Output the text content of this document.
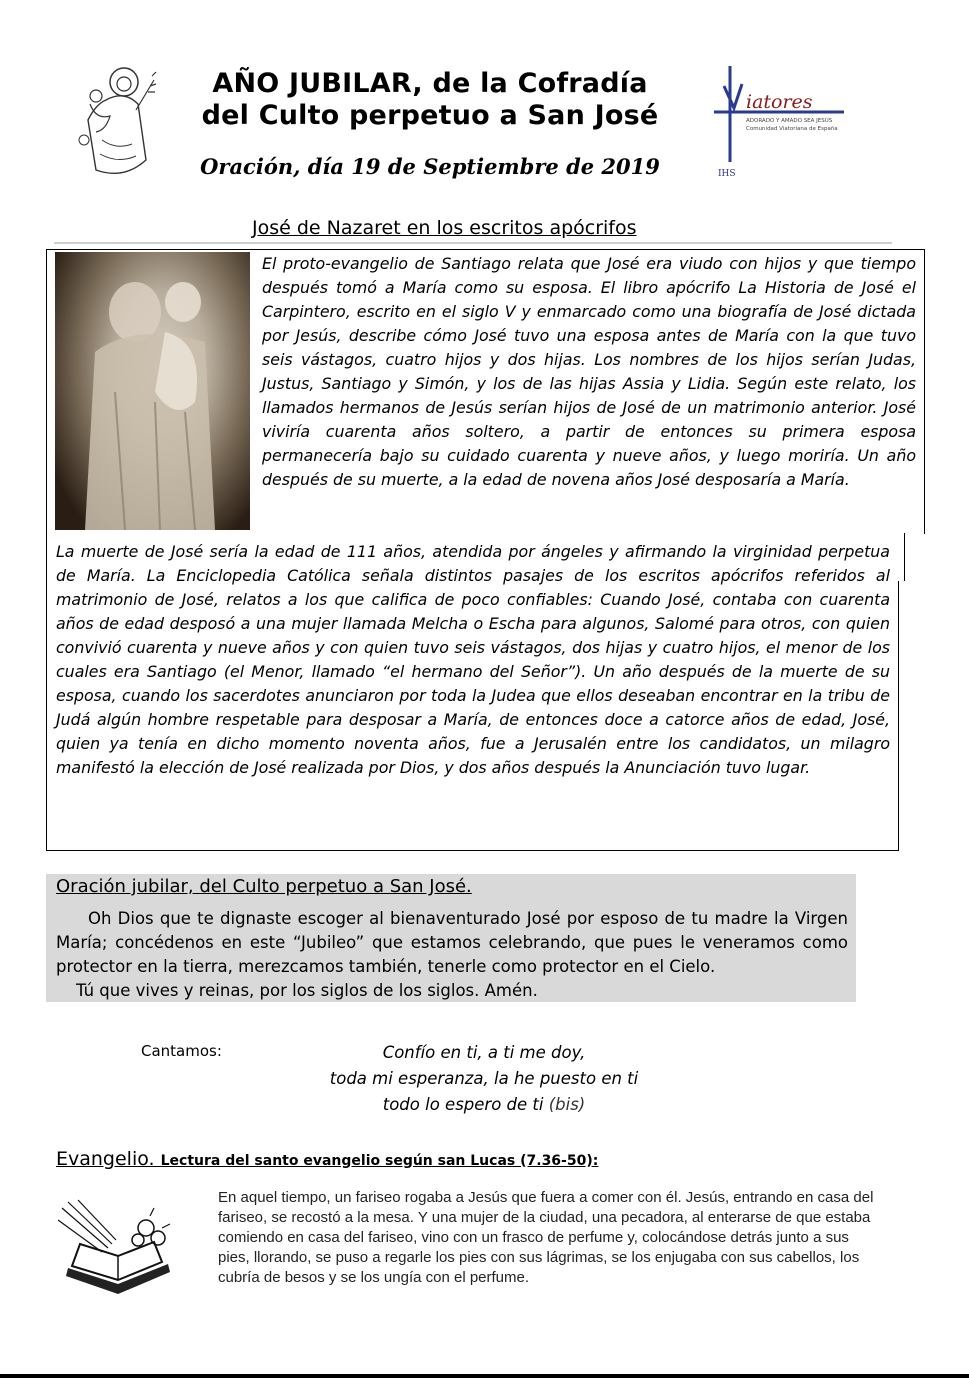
AÑO JUBILAR, de la Cofradía
del Culto perpetuo a San José
Oración, día 19 de Septiembre de 2019
iatores
ADORADO Y AMADO SEA JESÚS
Comunidad Viatoriana de España
IHS
José de Nazaret en los escritos apócrifos
El proto-evangelio de Santiago relata que José era viudo con hijos y que tiempo después tomó a María como su esposa. El libro apócrifo La Historia de José el Carpintero, escrito en el siglo V y enmarcado como una biografía de José dictada por Jesús, describe cómo José tuvo una esposa antes de María con la que tuvo seis vástagos, cuatro hijos y dos hijas. Los nombres de los hijos serían Judas, Justus, Santiago y Simón, y los de las hijas Assia y Lidia. Según este relato, los llamados hermanos de Jesús serían hijos de José de un matrimonio anterior. José viviría cuarenta años soltero, a partir de entonces su primera esposa permanecería bajo su cuidado cuarenta y nueve años, y luego moriría. Un año después de su muerte, a la edad de novena años José desposaría a María.
La muerte de José sería la edad de 111 años, atendida por ángeles y afirmando la virginidad perpetua de María. La Enciclopedia Católica señala distintos pasajes de los escritos apócrifos referidos al matrimonio de José, relatos a los que califica de poco confiables: Cuando José, contaba con cuarenta años de edad desposó a una mujer llamada Melcha o Escha para algunos, Salomé para otros, con quien convivió cuarenta y nueve años y con quien tuvo seis vástagos, dos hijas y cuatro hijos, el menor de los cuales era Santiago (el Menor, llamado “el hermano del Señor”). Un año después de la muerte de su esposa, cuando los sacerdotes anunciaron por toda la Judea que ellos deseaban encontrar en la tribu de Judá algún hombre respetable para desposar a María, de entonces doce a catorce años de edad, José, quien ya tenía en dicho momento noventa años, fue a Jerusalén entre los candidatos, un milagro manifestó la elección de José realizada por Dios, y dos años después la Anunciación tuvo lugar.
Oración jubilar, del Culto perpetuo a San José.

Oh Dios que te dignaste escoger al bienaventurado José por esposo de tu madre la Virgen María; concédenos en este “Jubileo” que estamos celebrando, que pues le veneramos como protector en la tierra, merezcamos también, tenerle como protector en el Cielo.

Tú que vives y reinas, por los siglos de los siglos. Amén.

Cantamos:	Confío en ti, a ti me doy,
toda mi esperanza, la he puesto en ti
todo lo espero de ti (bis)
Evangelio. Lectura del santo evangelio según san Lucas (7.36-50):
En aquel tiempo, un fariseo rogaba a Jesús que fuera a comer con él. Jesús, entrando en casa del fariseo, se recostó a la mesa. Y una mujer de la ciudad, una pecadora, al enterarse de que estaba comiendo en casa del fariseo, vino con un frasco de perfume y, colocándose detrás junto a sus pies, llorando, se puso a regarle los pies con sus lágrimas, se los enjugaba con sus cabellos, los cubría de besos y se los ungía con el perfume.
